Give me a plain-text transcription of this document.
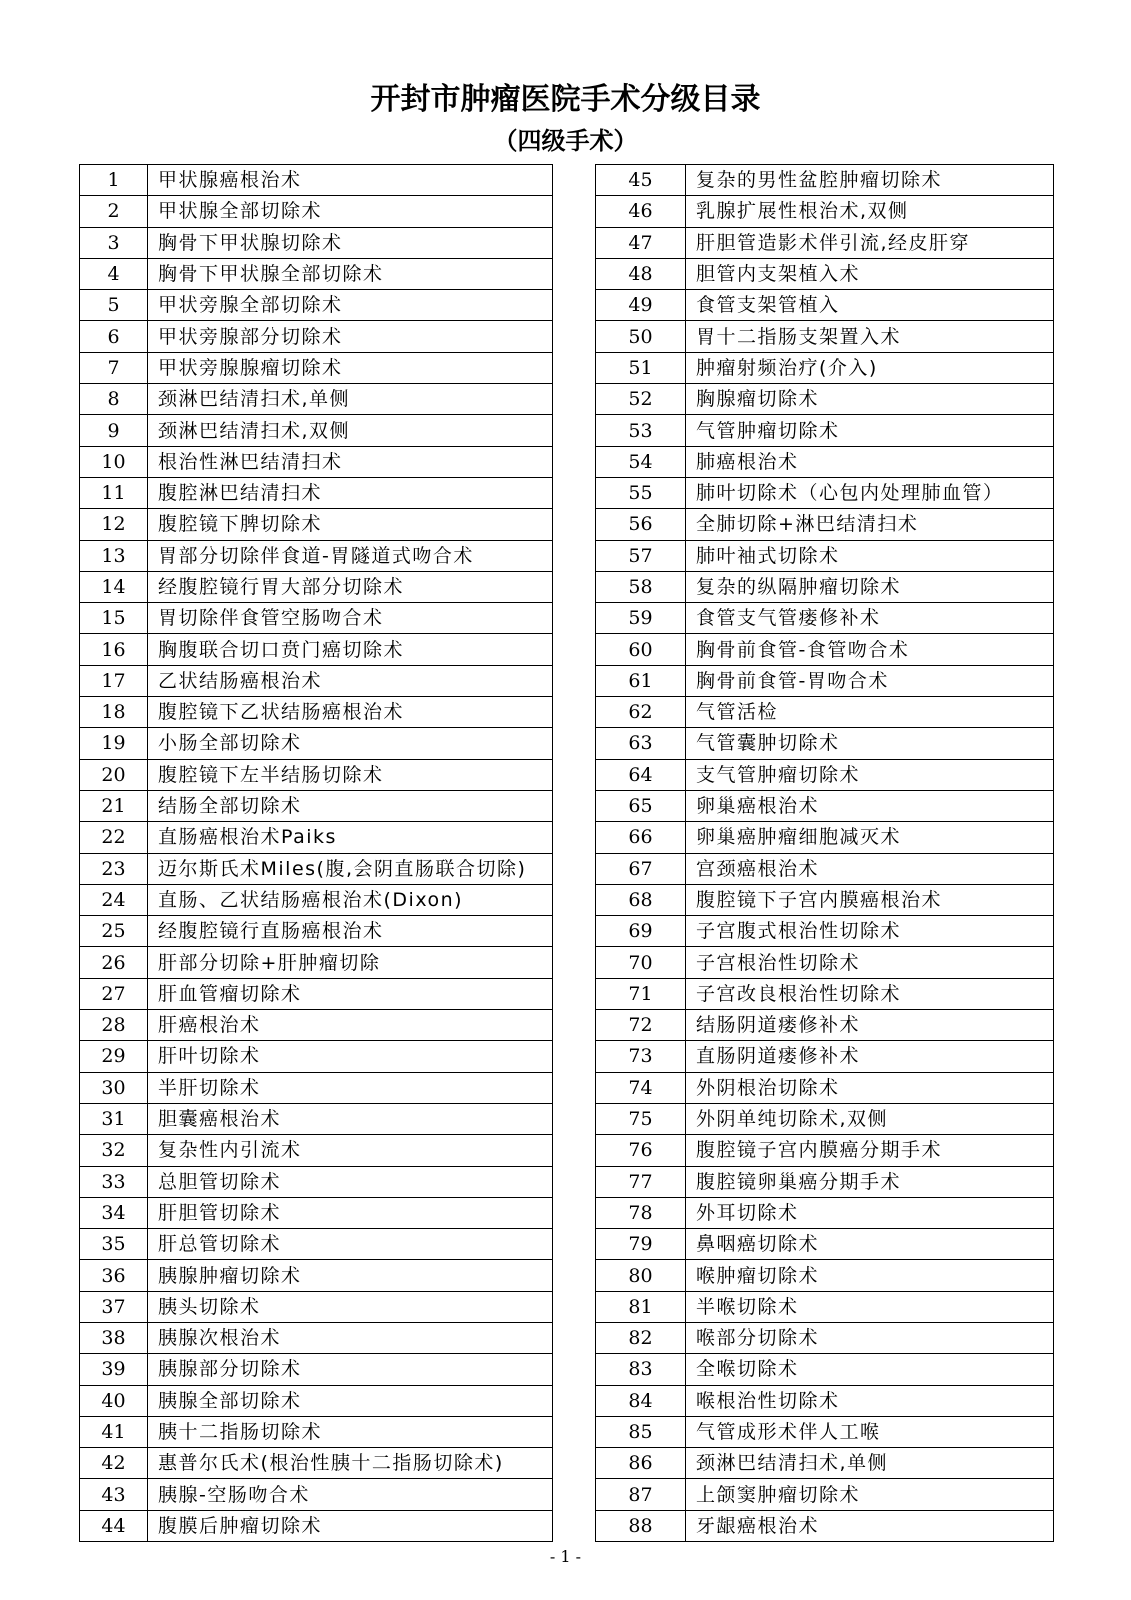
开封市肿瘤医院手术分级目录
（四级手术）
1	甲状腺癌根治术
2	甲状腺全部切除术
3	胸骨下甲状腺切除术
4	胸骨下甲状腺全部切除术
5	甲状旁腺全部切除术
6	甲状旁腺部分切除术
7	甲状旁腺腺瘤切除术
8	颈淋巴结清扫术,单侧
9	颈淋巴结清扫术,双侧
10	根治性淋巴结清扫术
11	腹腔淋巴结清扫术
12	腹腔镜下脾切除术
13	胃部分切除伴食道-胃隧道式吻合术
14	经腹腔镜行胃大部分切除术
15	胃切除伴食管空肠吻合术
16	胸腹联合切口贲门癌切除术
17	乙状结肠癌根治术
18	腹腔镜下乙状结肠癌根治术
19	小肠全部切除术
20	腹腔镜下左半结肠切除术
21	结肠全部切除术
22	直肠癌根治术Paiks
23	迈尔斯氏术Miles(腹,会阴直肠联合切除)
24	直肠、乙状结肠癌根治术(Dixon)
25	经腹腔镜行直肠癌根治术
26	肝部分切除+肝肿瘤切除
27	肝血管瘤切除术
28	肝癌根治术
29	肝叶切除术
30	半肝切除术
31	胆囊癌根治术
32	复杂性内引流术
33	总胆管切除术
34	肝胆管切除术
35	肝总管切除术
36	胰腺肿瘤切除术
37	胰头切除术
38	胰腺次根治术
39	胰腺部分切除术
40	胰腺全部切除术
41	胰十二指肠切除术
42	惠普尔氏术(根治性胰十二指肠切除术)
43	胰腺-空肠吻合术
44	腹膜后肿瘤切除术
45	复杂的男性盆腔肿瘤切除术
46	乳腺扩展性根治术,双侧
47	肝胆管造影术伴引流,经皮肝穿
48	胆管内支架植入术
49	食管支架管植入
50	胃十二指肠支架置入术
51	肿瘤射频治疗(介入)
52	胸腺瘤切除术
53	气管肿瘤切除术
54	肺癌根治术
55	肺叶切除术（心包内处理肺血管）
56	全肺切除+淋巴结清扫术
57	肺叶袖式切除术
58	复杂的纵隔肿瘤切除术
59	食管支气管瘘修补术
60	胸骨前食管-食管吻合术
61	胸骨前食管-胃吻合术
62	气管活检
63	气管囊肿切除术
64	支气管肿瘤切除术
65	卵巢癌根治术
66	卵巢癌肿瘤细胞减灭术
67	宫颈癌根治术
68	腹腔镜下子宫内膜癌根治术
69	子宫腹式根治性切除术
70	子宫根治性切除术
71	子宫改良根治性切除术
72	结肠阴道瘘修补术
73	直肠阴道瘘修补术
74	外阴根治切除术
75	外阴单纯切除术,双侧
76	腹腔镜子宫内膜癌分期手术
77	腹腔镜卵巢癌分期手术
78	外耳切除术
79	鼻咽癌切除术
80	喉肿瘤切除术
81	半喉切除术
82	喉部分切除术
83	全喉切除术
84	喉根治性切除术
85	气管成形术伴人工喉
86	颈淋巴结清扫术,单侧
87	上颌窦肿瘤切除术
88	牙龈癌根治术
- 1 -
